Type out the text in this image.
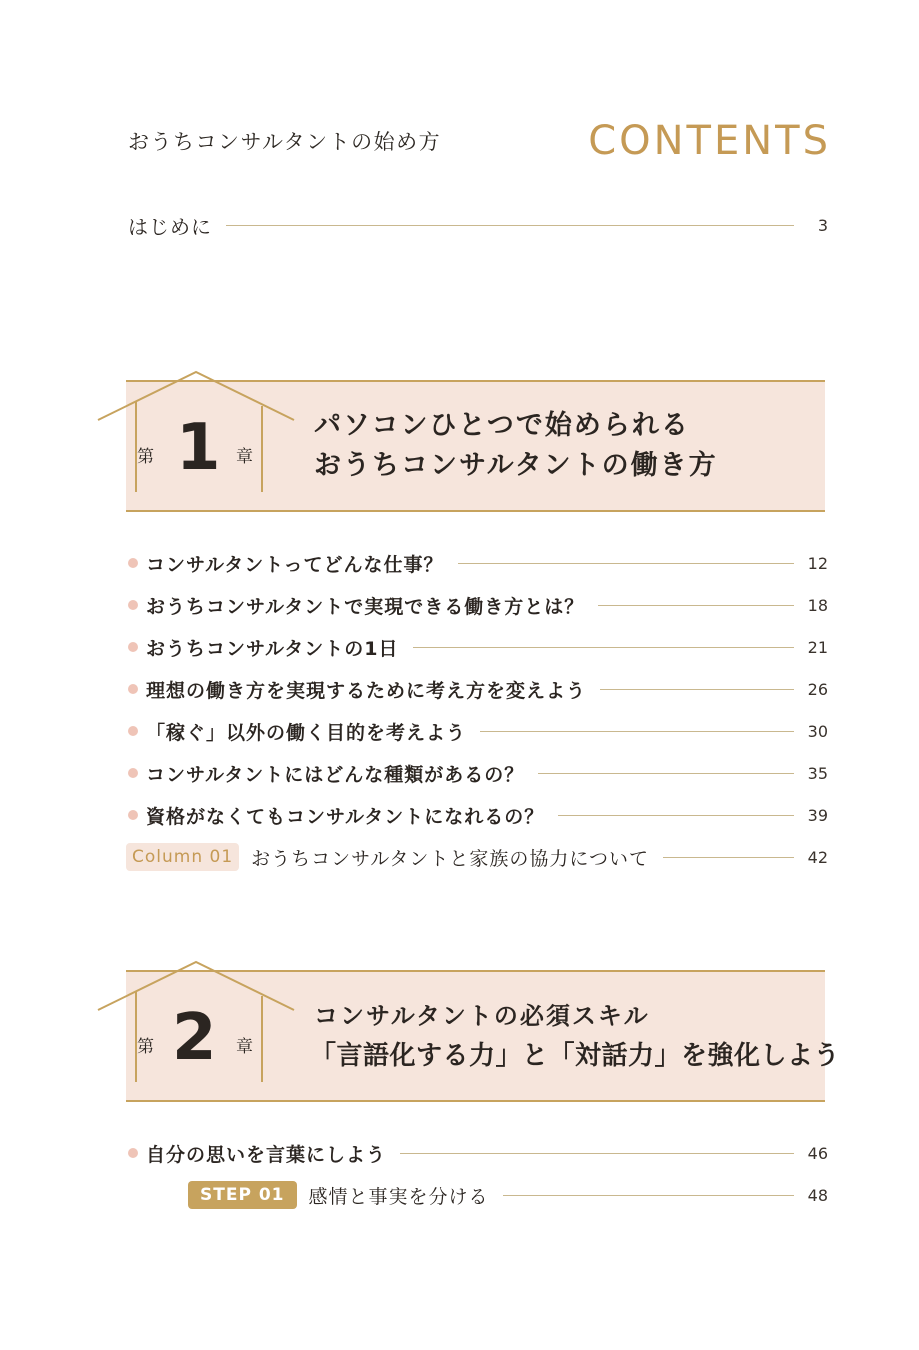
おうちコンサルタントの始め方	CONTENTS
はじめに	3
第 1 章
パソコンひとつで始められる
おうちコンサルタントの働き方
コンサルタントってどんな仕事？	12
おうちコンサルタントで実現できる働き方とは？	18
おうちコンサルタントの1日	21
理想の働き方を実現するために考え方を変えよう	26
「稼ぐ」以外の働く目的を考えよう	30
コンサルタントにはどんな種類があるの？	35
資格がなくてもコンサルタントになれるの？	39
Column 01 おうちコンサルタントと家族の協力について	42
第 2 章
コンサルタントの必須スキル
「言語化する力」と「対話力」を強化しよう
自分の思いを言葉にしよう	46
STEP 01	感情と事実を分ける	48
